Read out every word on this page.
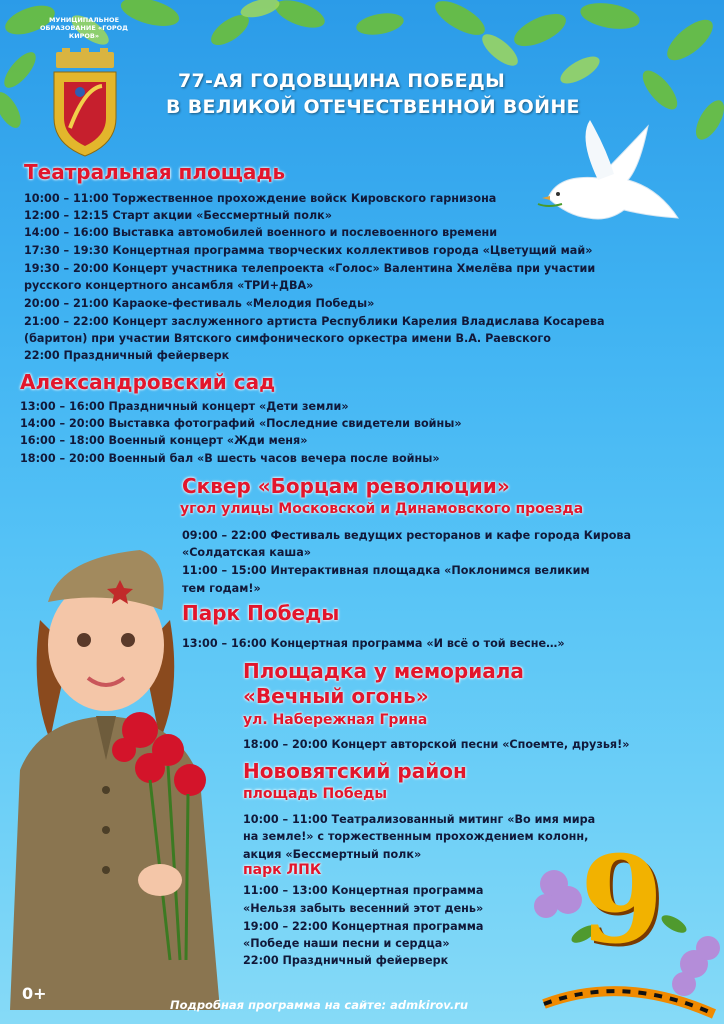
МУНИЦИПАЛЬНОЕ ОБРАЗОВАНИЕ «ГОРОД КИРОВ»
77-АЯ ГОДОВЩИНА ПОБЕДЫ
В ВЕЛИКОЙ ОТЕЧЕСТВЕННОЙ ВОЙНЕ
Театральная площадь
10:00 – 11:00 Торжественное прохождение войск Кировского гарнизона
12:00 – 12:15 Старт акции «Бессмертный полк»
14:00 – 16:00 Выставка автомобилей военного и послевоенного времени
17:30 – 19:30 Концертная программа творческих коллективов города «Цветущий май»
19:30 – 20:00 Концерт участника телепроекта «Голос» Валентина Хмелёва при участии
русского концертного ансамбля «ТРИ+ДВА»
20:00 – 21:00 Караоке-фестиваль «Мелодия Победы»
21:00 – 22:00 Концерт заслуженного артиста Республики Карелия Владислава Косарева
(баритон) при участии Вятского симфонического оркестра имени В.А. Раевского
22:00 Праздничный фейерверк
Александровский сад
13:00 – 16:00 Праздничный концерт «Дети земли»
14:00 – 20:00 Выставка фотографий «Последние свидетели войны»
16:00 – 18:00 Военный концерт «Жди меня»
18:00 – 20:00 Военный бал «В шесть часов вечера после войны»
Сквер «Борцам революции»
угол улицы Московской и Динамовского проезда
09:00 – 22:00 Фестиваль ведущих ресторанов и кафе города Кирова
«Солдатская каша»
11:00 – 15:00 Интерактивная площадка «Поклонимся великим
тем годам!»
Парк Победы
13:00 – 16:00 Концертная программа «И всё о той весне…»
Площадка у мемориала
«Вечный огонь»
ул. Набережная Грина
18:00 – 20:00 Концерт авторской песни «Споемте, друзья!»
Нововятский район
площадь Победы
10:00 – 11:00 Театрализованный митинг «Во имя мира
на земле!» с торжественным прохождением колонн,
акция «Бессмертный полк»
парк ЛПК
11:00 – 13:00 Концертная программа
«Нельзя забыть весенний этот день»
19:00 – 22:00 Концертная программа
«Победе наши песни и сердца»
22:00 Праздничный фейерверк 9
Подробная программа на сайте: admkirov.ru
0+
